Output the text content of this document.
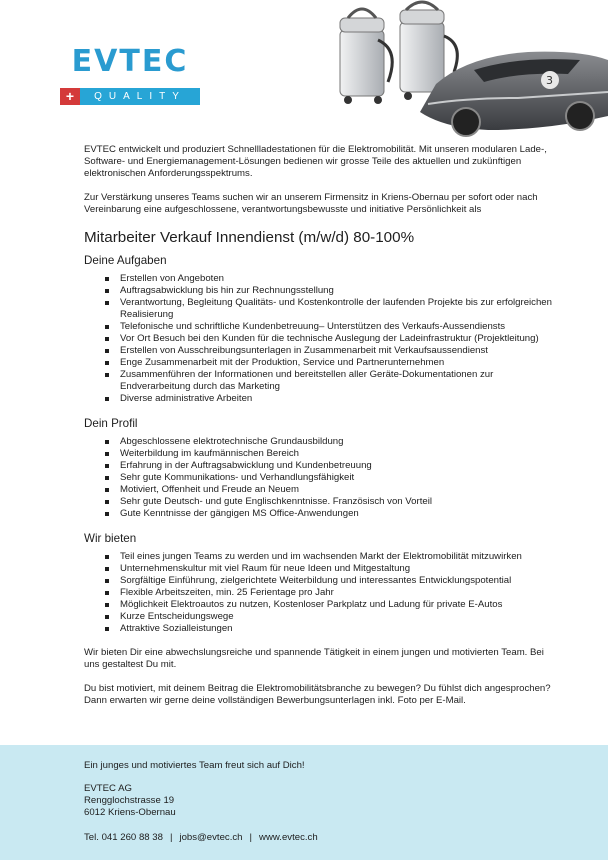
EVTEC
+	QUALITY
3

EVTEC entwickelt und produziert Schnellladestationen für die Elektromobilität. Mit unseren modularen Lade-, Software- und Energiemanagement-Lösungen bedienen wir grosse Teile des aktuellen und zukünftigen elektronischen Anforderungsspektrums.

Zur Verstärkung unseres Teams suchen wir an unserem Firmensitz in Kriens-Obernau per sofort oder nach Vereinbarung eine aufgeschlossene, verantwortungsbewusste und initiative Persönlichkeit als

Mitarbeiter Verkauf Innendienst (m/w/d) 80-100%
Deine Aufgaben
Erstellen von Angeboten
Auftragsabwicklung bis hin zur Rechnungsstellung
Verantwortung, Begleitung Qualitäts- und Kostenkontrolle der laufenden Projekte bis zur erfolgreichen Realisierung
Telefonische und schriftliche Kundenbetreuung– Unterstützen des Verkaufs-Aussendiensts
Vor Ort Besuch bei den Kunden für die technische Auslegung der Ladeinfrastruktur (Projektleitung)
Erstellen von Ausschreibungsunterlagen in Zusammenarbeit mit Verkaufsaussendienst
Enge Zusammenarbeit mit der Produktion, Service und Partnerunternehmen
Zusammenführen der Informationen und bereitstellen aller Geräte-Dokumentationen zur Endverarbeitung durch das Marketing
Diverse administrative Arbeiten
Dein Profil
Abgeschlossene elektrotechnische Grundausbildung
Weiterbildung im kaufmännischen Bereich
Erfahrung in der Auftragsabwicklung und Kundenbetreuung
Sehr gute Kommunikations- und Verhandlungsfähigkeit
Motiviert, Offenheit und Freude an Neuem
Sehr gute Deutsch- und gute Englischkenntnisse. Französisch von Vorteil
Gute Kenntnisse der gängigen MS Office-Anwendungen
Wir bieten
Teil eines jungen Teams zu werden und im wachsenden Markt der Elektromobilität mitzuwirken
Unternehmenskultur mit viel Raum für neue Ideen und Mitgestaltung
Sorgfältige Einführung, zielgerichtete Weiterbildung und interessantes Entwicklungspotential
Flexible Arbeitszeiten, min. 25 Ferientage pro Jahr
Möglichkeit Elektroautos zu nutzen, Kostenloser Parkplatz und Ladung für private E-Autos
Kurze Entscheidungswege
Attraktive Sozialleistungen

Wir bieten Dir eine abwechslungsreiche und spannende Tätigkeit in einem jungen und motivierten Team. Bei uns gestaltest Du mit.

Du bist motiviert, mit deinem Beitrag die Elektromobilitätsbranche zu bewegen? Du fühlst dich angesprochen? Dann erwarten wir gerne deine vollständigen Bewerbungsunterlagen inkl. Foto per E-Mail.

Ein junges und motiviertes Team freut sich auf Dich!

EVTEC AG

Rengglochstrasse 19

6012 Kriens-Obernau

Tel. 041 260 88 38 | jobs@evtec.ch | www.evtec.ch
